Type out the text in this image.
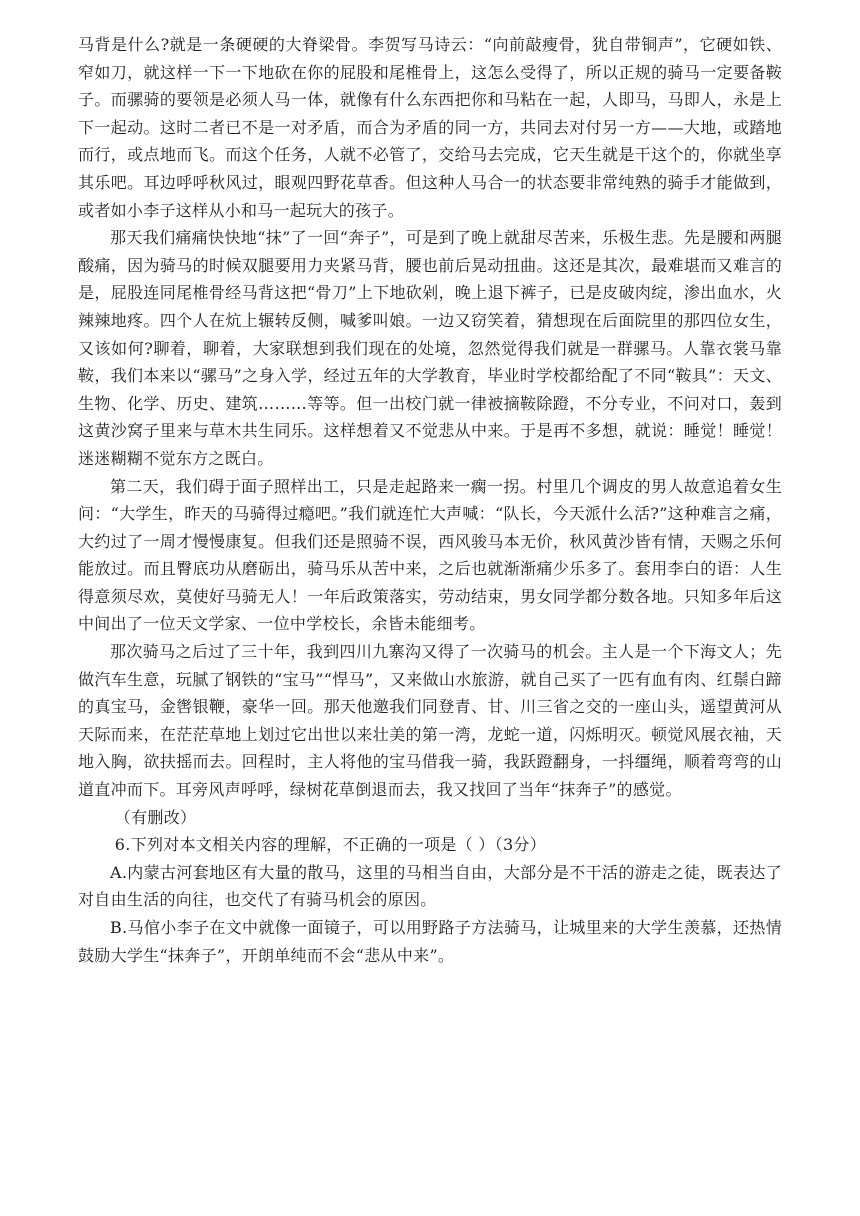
马背是什么?就是一条硬硬的大脊梁骨。李贺写马诗云：“向前敲瘦骨，犹自带铜声”，它硬如铁、窄如刀，就这样一下一下地砍在你的屁股和尾椎骨上，这怎么受得了，所以正规的骑马一定要备鞍子。而骡骑的要领是必须人马一体，就像有什么东西把你和马粘在一起，人即马，马即人，永是上下一起动。这时二者已不是一对矛盾，而合为矛盾的同一方，共同去对付另一方——大地，或踏地而行，或点地而飞。而这个任务，人就不必管了，交给马去完成，它天生就是干这个的，你就坐享其乐吧。耳边呼呼秋风过，眼观四野花草香。但这种人马合一的状态要非常纯熟的骑手才能做到，或者如小李子这样从小和马一起玩大的孩子。

那天我们痛痛快快地“抹”了一回“奔子”，可是到了晚上就甜尽苦来，乐极生悲。先是腰和两腿酸痛，因为骑马的时候双腿要用力夹紧马背，腰也前后晃动扭曲。这还是其次，最难堪而又难言的是，屁股连同尾椎骨经马背这把“骨刀”上下地砍剁，晚上退下裤子，已是皮破肉绽，渗出血水，火辣辣地疼。四个人在炕上辗转反侧，喊爹叫娘。一边又窃笑着，猜想现在后面院里的那四位女生，又该如何?聊着，聊着，大家联想到我们现在的处境，忽然觉得我们就是一群骡马。人靠衣裳马靠鞍，我们本来以“骡马”之身入学，经过五年的大学教育，毕业时学校都给配了不同“鞍具”：天文、生物、化学、历史、建筑………等等。但一出校门就一律被摘鞍除蹬，不分专业，不问对口，轰到这黄沙窝子里来与草木共生同乐。这样想着又不觉悲从中来。于是再不多想，就说：睡觉！睡觉！迷迷糊糊不觉东方之既白。

第二天，我们碍于面子照样出工，只是走起路来一瘸一拐。村里几个调皮的男人故意追着女生问：“大学生，昨天的马骑得过瘾吧。”我们就连忙大声喊：“队长，今天派什么活?”这种难言之痛，大约过了一周才慢慢康复。但我们还是照骑不误，西风骏马本无价，秋风黄沙皆有情，天赐之乐何能放过。而且臀底功从磨砺出，骑马乐从苦中来，之后也就渐渐痛少乐多了。套用李白的语：人生得意须尽欢，莫使好马骑无人！一年后政策落实，劳动结束，男女同学都分数各地。只知多年后这中间出了一位天文学家、一位中学校长，余皆未能细考。

那次骑马之后过了三十年，我到四川九寨沟又得了一次骑马的机会。主人是一个下海文人；先做汽车生意，玩腻了钢铁的“宝马”“悍马”，又来做山水旅游，就自己买了一匹有血有肉、红鬃白蹄的真宝马，金辔银鞭，豪华一回。那天他邀我们同登青、甘、川三省之交的一座山头，遥望黄河从天际而来，在茫茫草地上划过它出世以来壮美的第一湾，龙蛇一道，闪烁明灭。顿觉风展衣袖，天地入胸，欲扶摇而去。回程时，主人将他的宝马借我一骑，我跃蹬翻身，一抖缰绳，顺着弯弯的山道直冲而下。耳旁风声呼呼，绿树花草倒退而去，我又找回了当年“抹奔子”的感觉。

（有删改）

6.下列对本文相关内容的理解，不正确的一项是（ ）（3分）

A.内蒙古河套地区有大量的散马，这里的马相当自由，大部分是不干活的游走之徒，既表达了对自由生活的向往，也交代了有骑马机会的原因。

B.马倌小李子在文中就像一面镜子，可以用野路子方法骑马，让城里来的大学生羡慕，还热情鼓励大学生“抹奔子”，开朗单纯而不会“悲从中来”。
